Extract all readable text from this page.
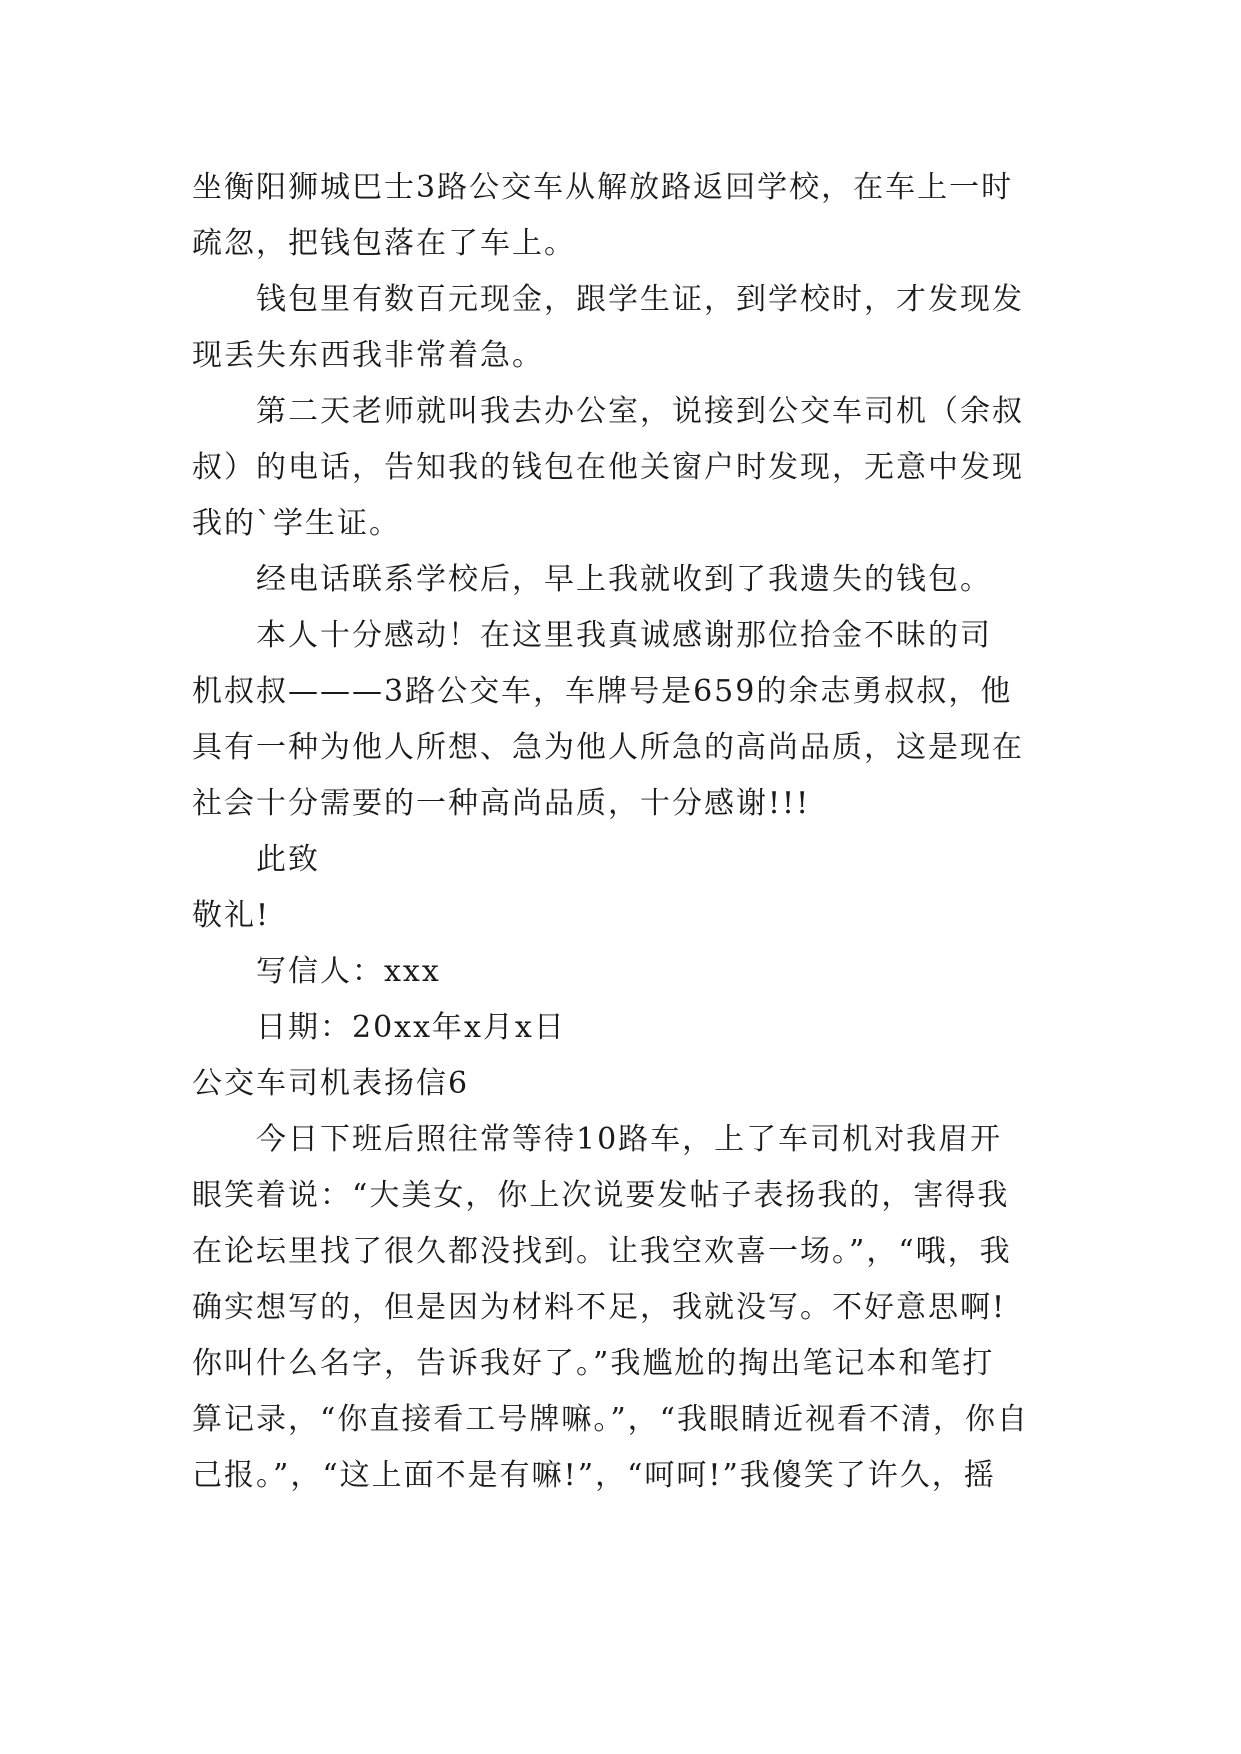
坐衡阳狮城巴士3路公交车从解放路返回学校，在车上一时
疏忽，把钱包落在了车上。
钱包里有数百元现金，跟学生证，到学校时，才发现发
现丢失东西我非常着急。
第二天老师就叫我去办公室，说接到公交车司机（余叔
叔）的电话，告知我的钱包在他关窗户时发现，无意中发现
我的`学生证。
经电话联系学校后，早上我就收到了我遗失的钱包。
本人十分感动！在这里我真诚感谢那位拾金不昧的司
机叔叔———3路公交车，车牌号是659的余志勇叔叔，他
具有一种为他人所想、急为他人所急的高尚品质，这是现在
社会十分需要的一种高尚品质，十分感谢!!!
此致
敬礼!
写信人：xxx
日期：20xx年x月x日
公交车司机表扬信6
今日下班后照往常等待10路车，上了车司机对我眉开
眼笑着说：“大美女，你上次说要发帖子表扬我的，害得我
在论坛里找了很久都没找到。让我空欢喜一场。”，“哦，我
确实想写的，但是因为材料不足，我就没写。不好意思啊!
你叫什么名字，告诉我好了。”我尴尬的掏出笔记本和笔打
算记录，“你直接看工号牌嘛。”，“我眼睛近视看不清，你自
己报。”，“这上面不是有嘛!”，“呵呵!”我傻笑了许久，摇
